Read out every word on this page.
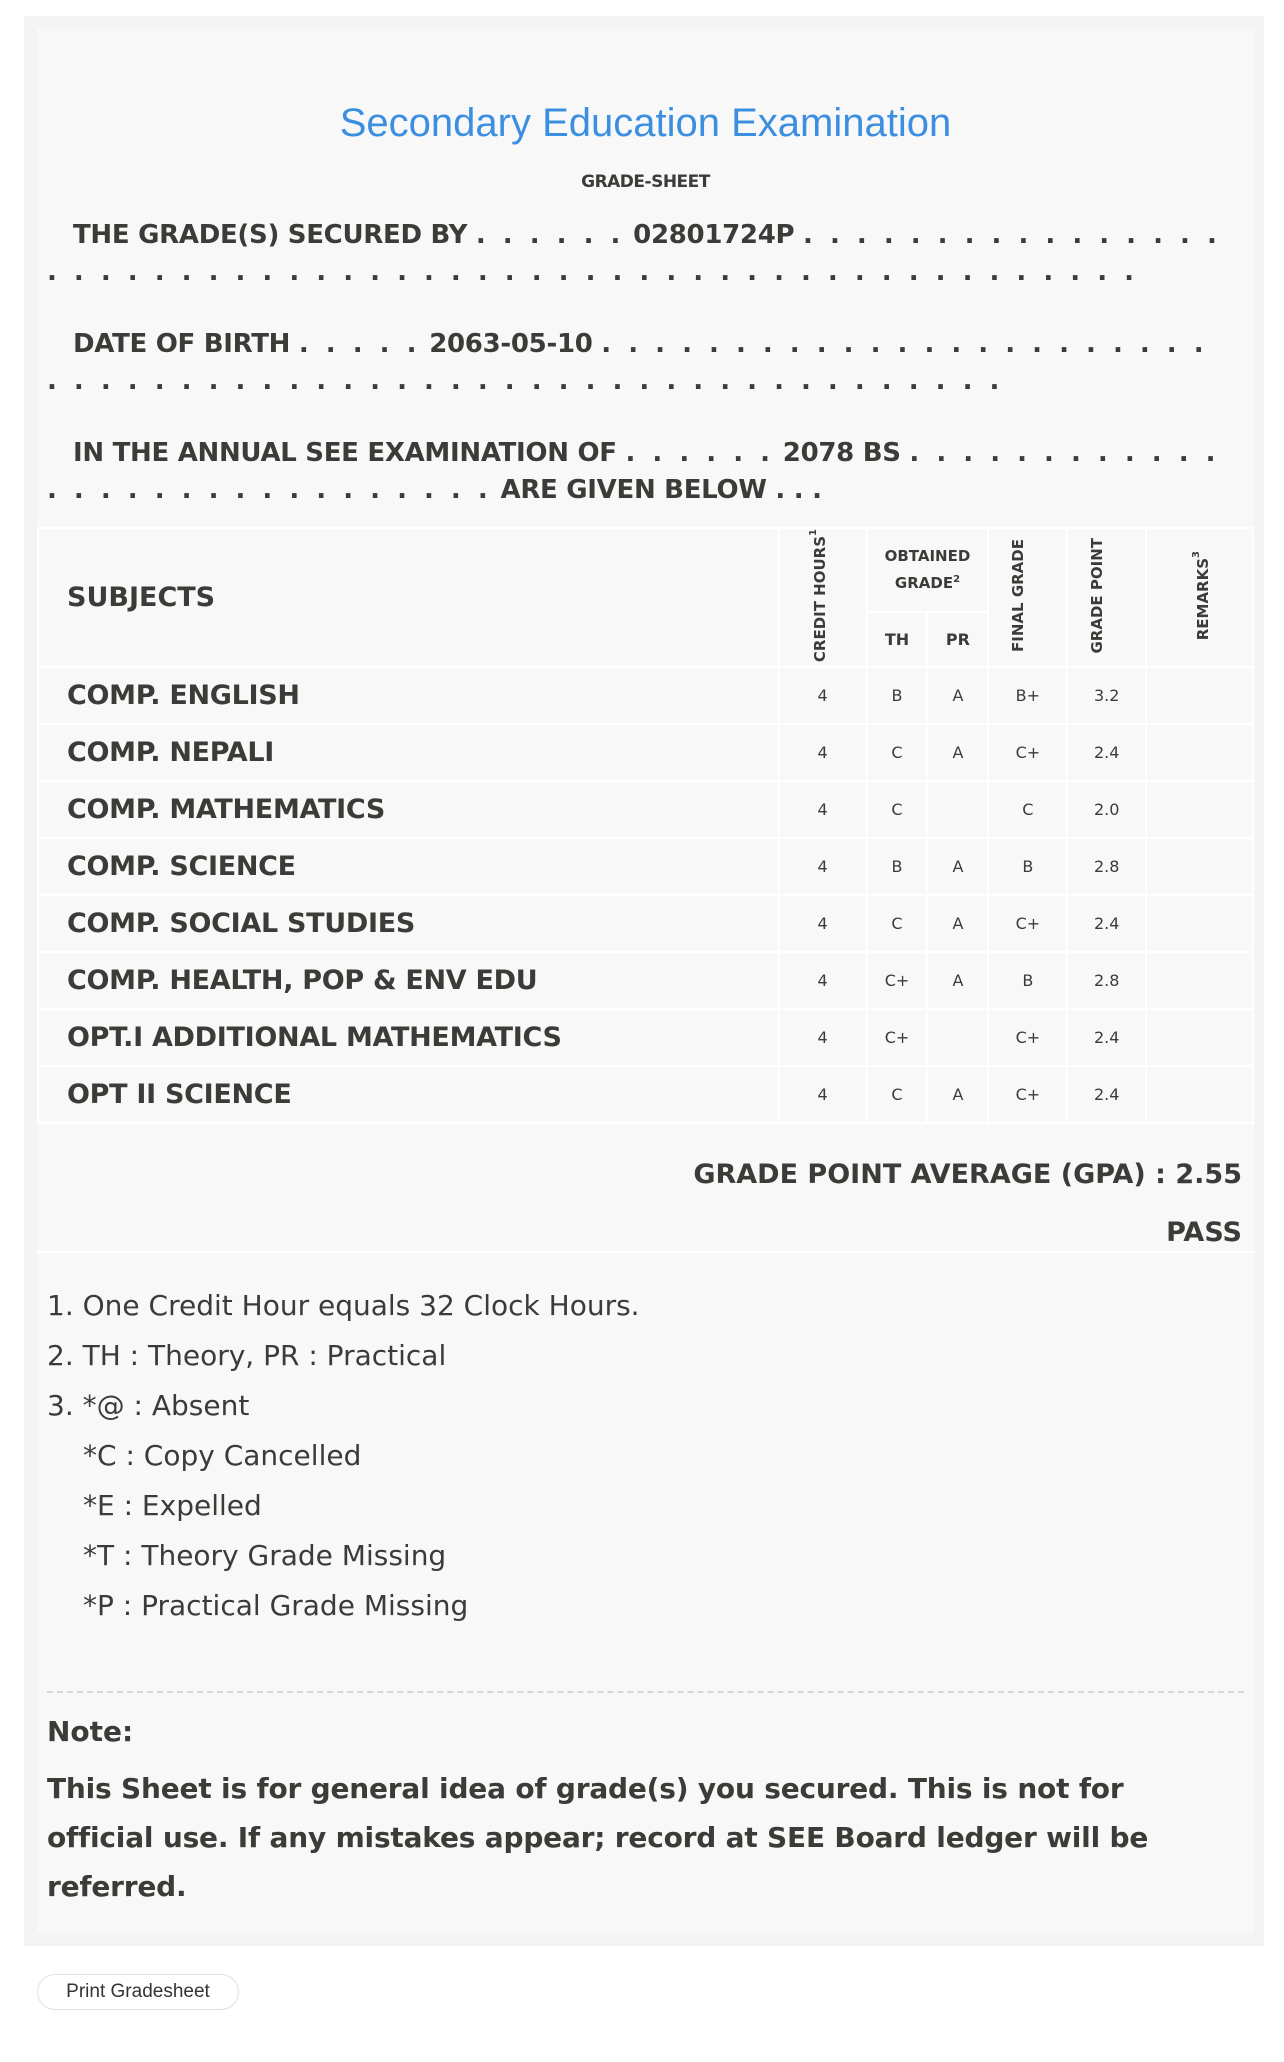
Secondary Education Examination
GRADE-SHEET
THE GRADE(S) SECURED BY . . . . . . 02801724P . . . . . . . . . . . . . . . . . . . . . . . . . . . . . . . . . . . . . . . . . . . . . . . . . . . . . . . . .
DATE OF BIRTH . . . . . 2063-05-10 . . . . . . . . . . . . . . . . . . . . . . . . . . . . . . . . . . . . . . . . . . . . . . . . . . . . . . . . . . .
IN THE ANNUAL SEE EXAMINATION OF . . . . . . 2078 BS . . . . . . . . . . . . . . . . . . . . . . . . . . . . . ARE GIVEN BELOW . . .
SUBJECTS	CREDIT HOURS$^1$	OBTAINED GRADE$^2$		FINAL GRADE	GRADE POINT	REMARKS$^3$
		TH	PR			
COMP. ENGLISH	4	B	A	B+	3.2	
COMP. NEPALI	4	C	A	C+	2.4	
COMP. MATHEMATICS	4	C		C	2.0	
COMP. SCIENCE	4	B	A	B	2.8	
COMP. SOCIAL STUDIES	4	C	A	C+	2.4	
COMP. HEALTH, POP & ENV EDU	4	C+	A	B	2.8	
OPT.I ADDITIONAL MATHEMATICS	4	C+		C+	2.4	
OPT II SCIENCE	4	C	A	C+	2.4	
GRADE POINT AVERAGE (GPA) : 2.55
PASS
1. One Credit Hour equals 32 Clock Hours.
2. TH : Theory, PR : Practical
3. *@ : Absent
*C : Copy Cancelled
*E : Expelled
*T : Theory Grade Missing
*P : Practical Grade Missing
Note:
This Sheet is for general idea of grade(s) you secured. This is not for official use. If any mistakes appear; record at SEE Board ledger will be referred.
Print Gradesheet
